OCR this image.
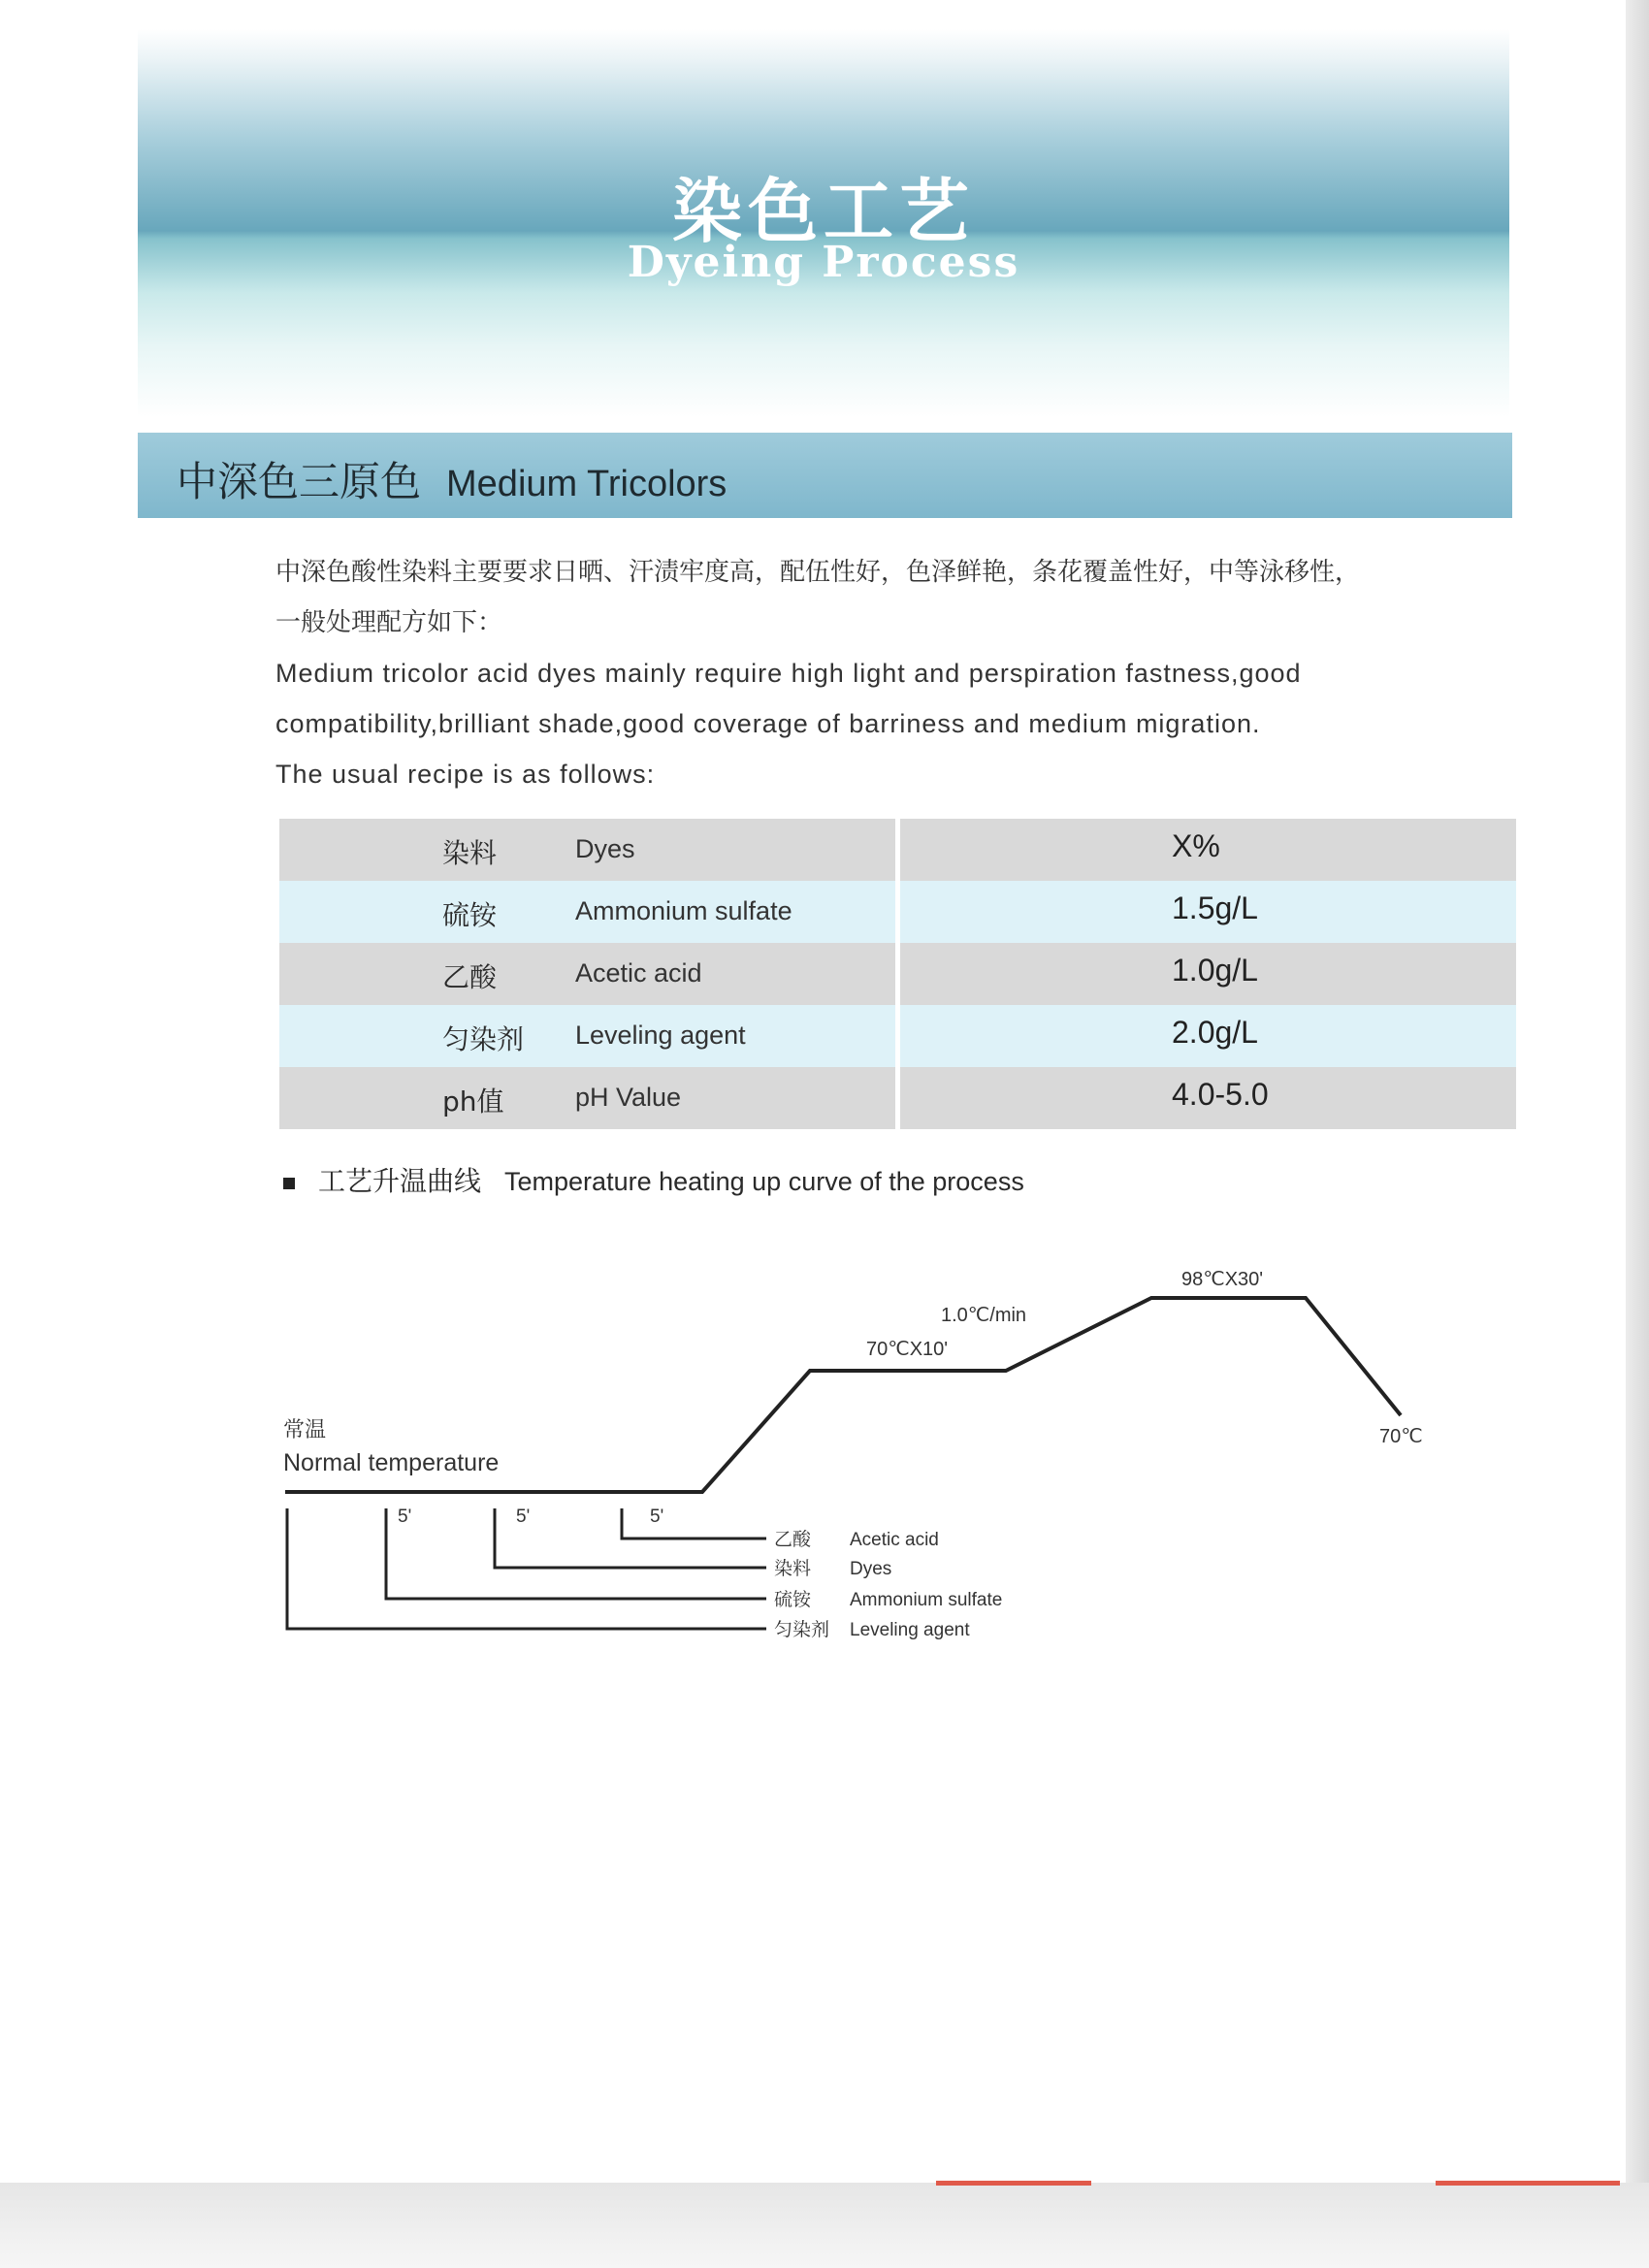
染色工艺
Dyeing Process
中深色三原色 Medium Tricolors
中深色酸性染料主要要求日晒、汗渍牢度高，配伍性好，色泽鲜艳，条花覆盖性好，中等泳移性，
一般处理配方如下：
Medium tricolor acid dyes mainly require high light and perspiration fastness,good
compatibility,brilliant shade,good coverage of barriness and medium migration.
The usual recipe is as follows:
染料	Dyes	X%
硫铵	Ammonium sulfate	1.5g/L
乙酸	Acetic acid	1.0g/L
匀染剂 Leveling agent	2.0g/L
ph值	pH Value	4.0-5.0
工艺升温曲线 Temperature heating up curve of the process
常温
Normal temperature
70℃X10'
1.0℃/min
98℃X30'
70℃
5'	5'	5'
乙酸 Acetic acid
染料 Dyes
硫铵 Ammonium sulfate
匀染剂 Leveling agent
